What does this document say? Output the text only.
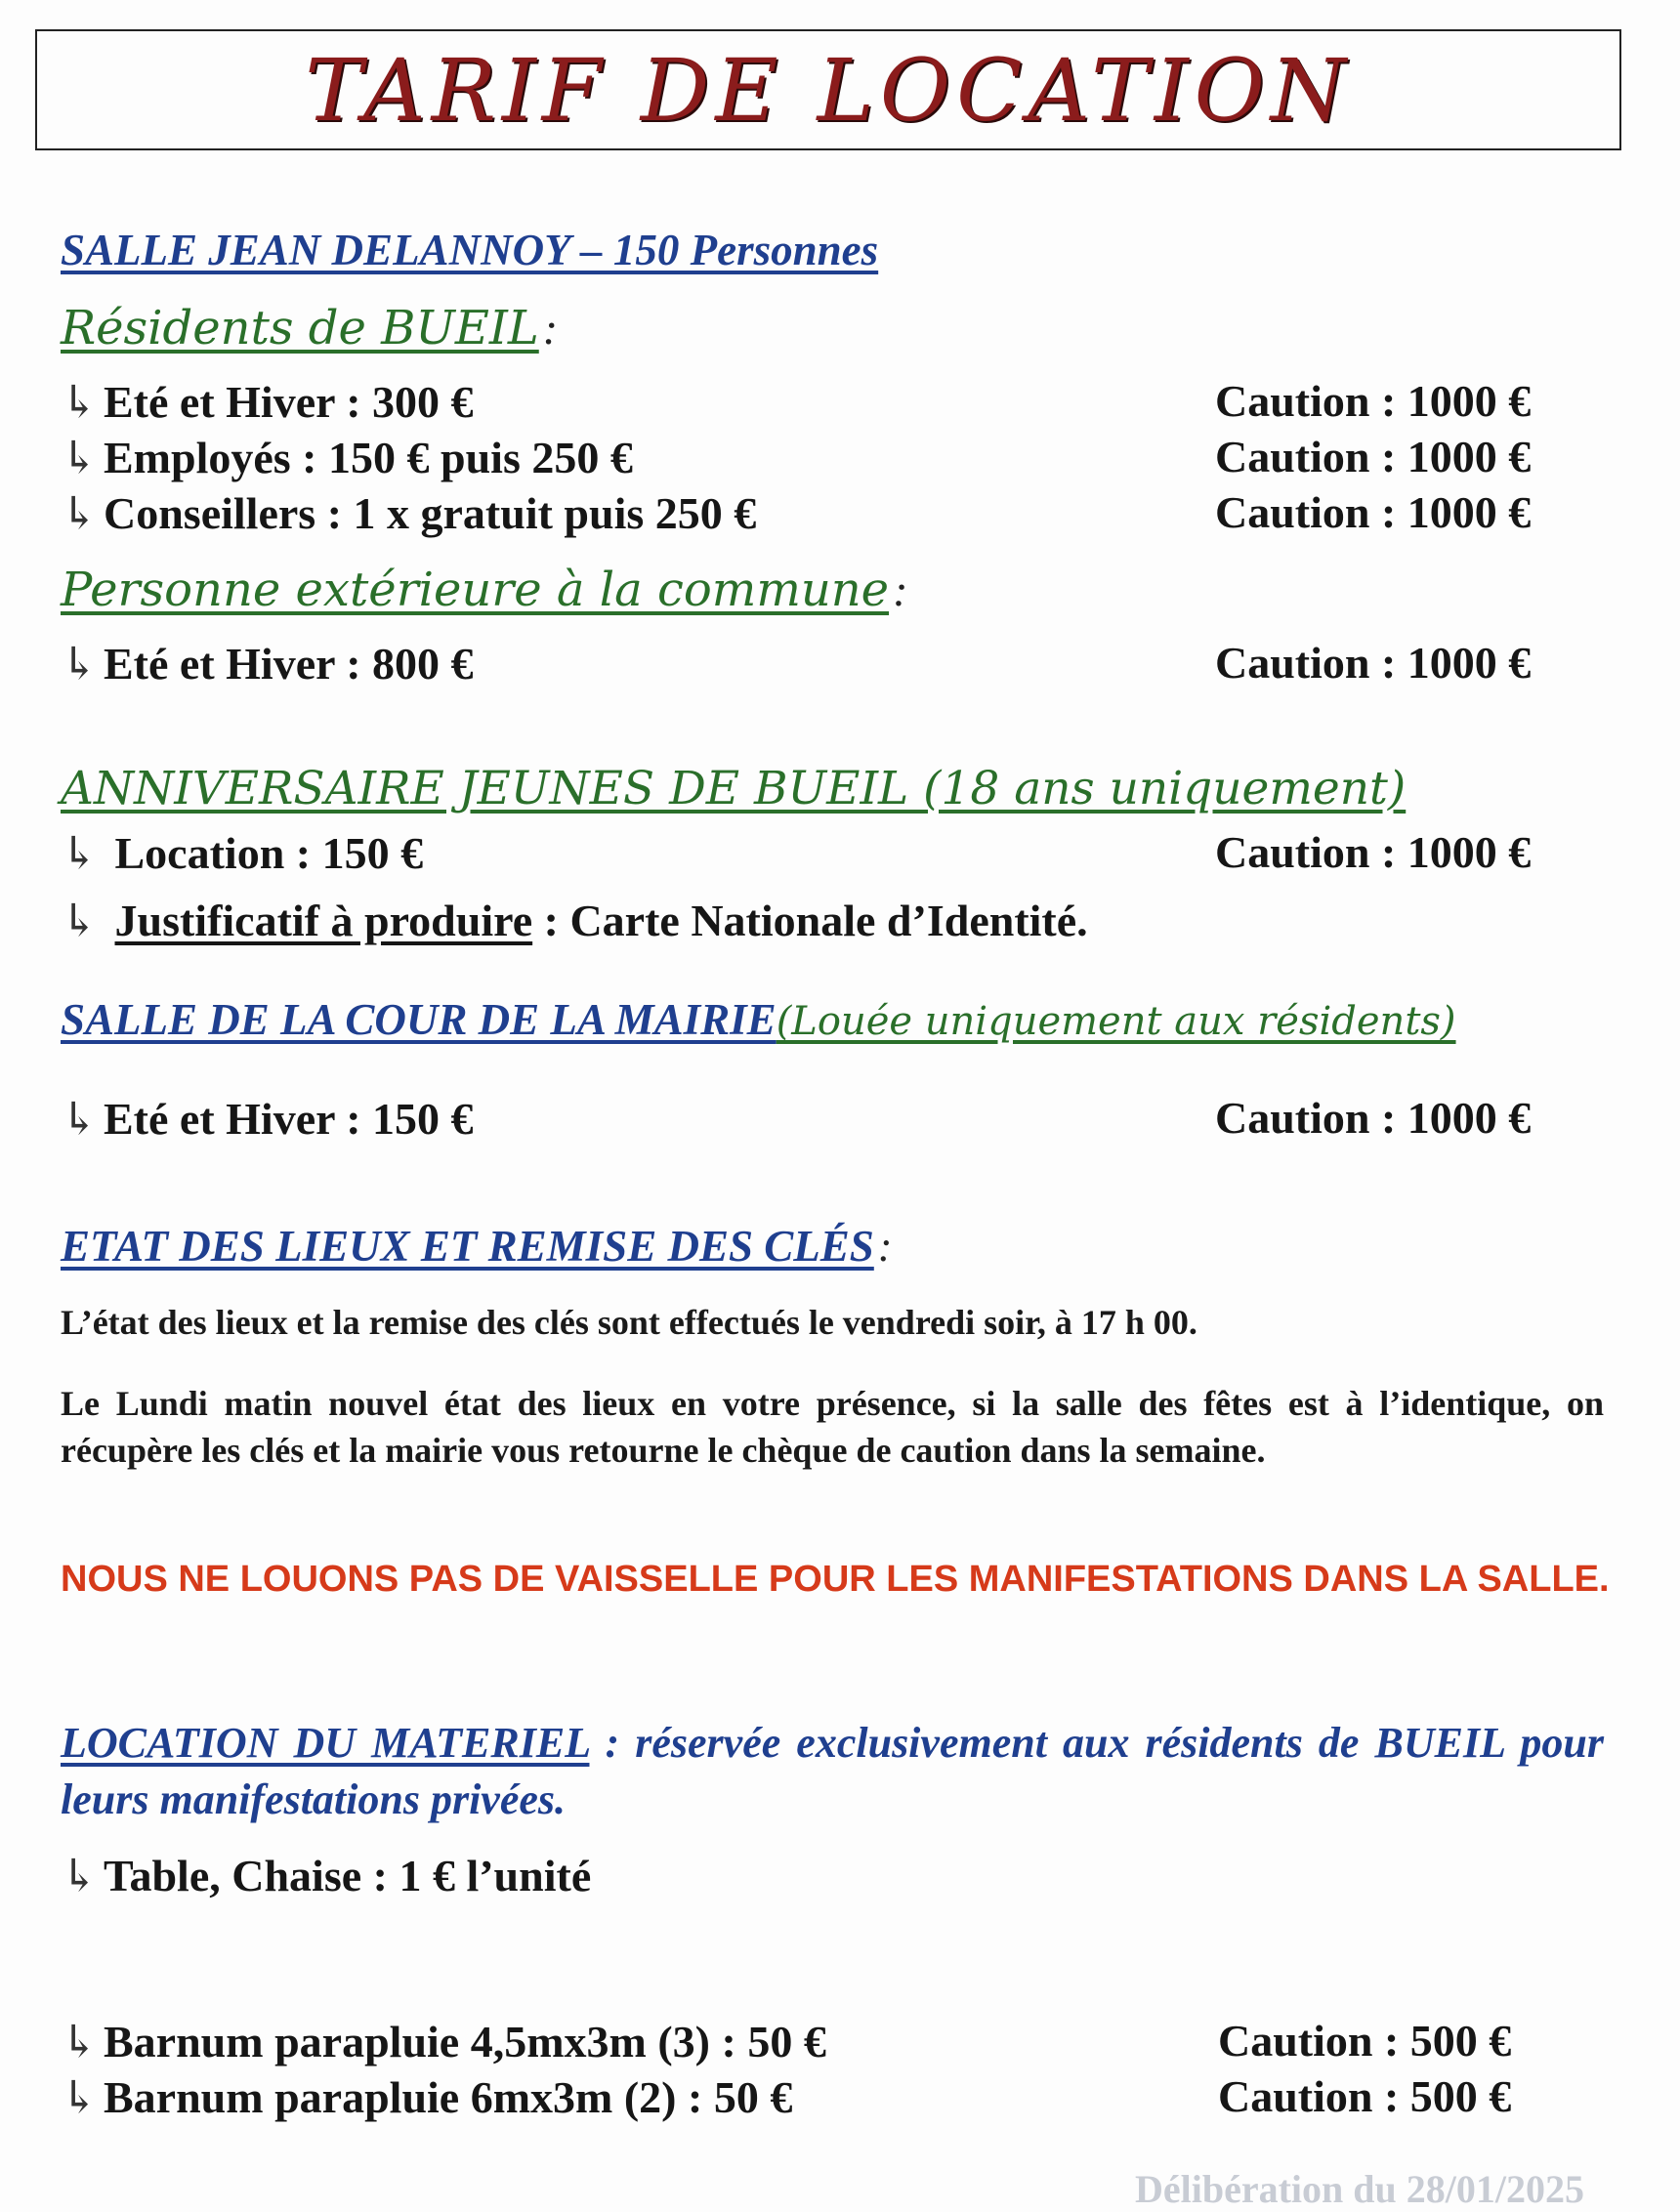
TARIF DE LOCATION
SALLE JEAN DELANNOY – 150 Personnes
Résidents de BUEIL :
↳ Eté et Hiver : 300 €	Caution : 1000 €
↳ Employés : 150 € puis 250 €	Caution : 1000 €
↳ Conseillers : 1 x gratuit puis 250 €	Caution : 1000 €
Personne extérieure à la commune :
↳ Eté et Hiver : 800 €	Caution : 1000 €
ANNIVERSAIRE JEUNES DE BUEIL (18 ans uniquement)
↳ Location : 150 €	Caution : 1000 €
↳ Justificatif à produire : Carte Nationale d’Identité.
SALLE DE LA COUR DE LA MAIRIE(Louée uniquement aux résidents)
↳ Eté et Hiver : 150 €	Caution : 1000 €
ETAT DES LIEUX ET REMISE DES CLÉS :
L’état des lieux et la remise des clés sont effectués le vendredi soir, à 17 h 00.
Le Lundi matin nouvel état des lieux en votre présence, si la salle des fêtes est à l’identique, on récupère les clés et la mairie vous retourne le chèque de caution dans la semaine.
NOUS NE LOUONS PAS DE VAISSELLE POUR LES MANIFESTATIONS DANS LA SALLE.
LOCATION DU MATERIEL : réservée exclusivement aux résidents de BUEIL pour leurs manifestations privées.
↳ Table, Chaise : 1 € l’unité
↳ Barnum parapluie 4,5mx3m (3) : 50 €	Caution : 500 €
↳ Barnum parapluie 6mx3m (2) : 50 €	Caution : 500 €
Délibération du 28/01/2025
